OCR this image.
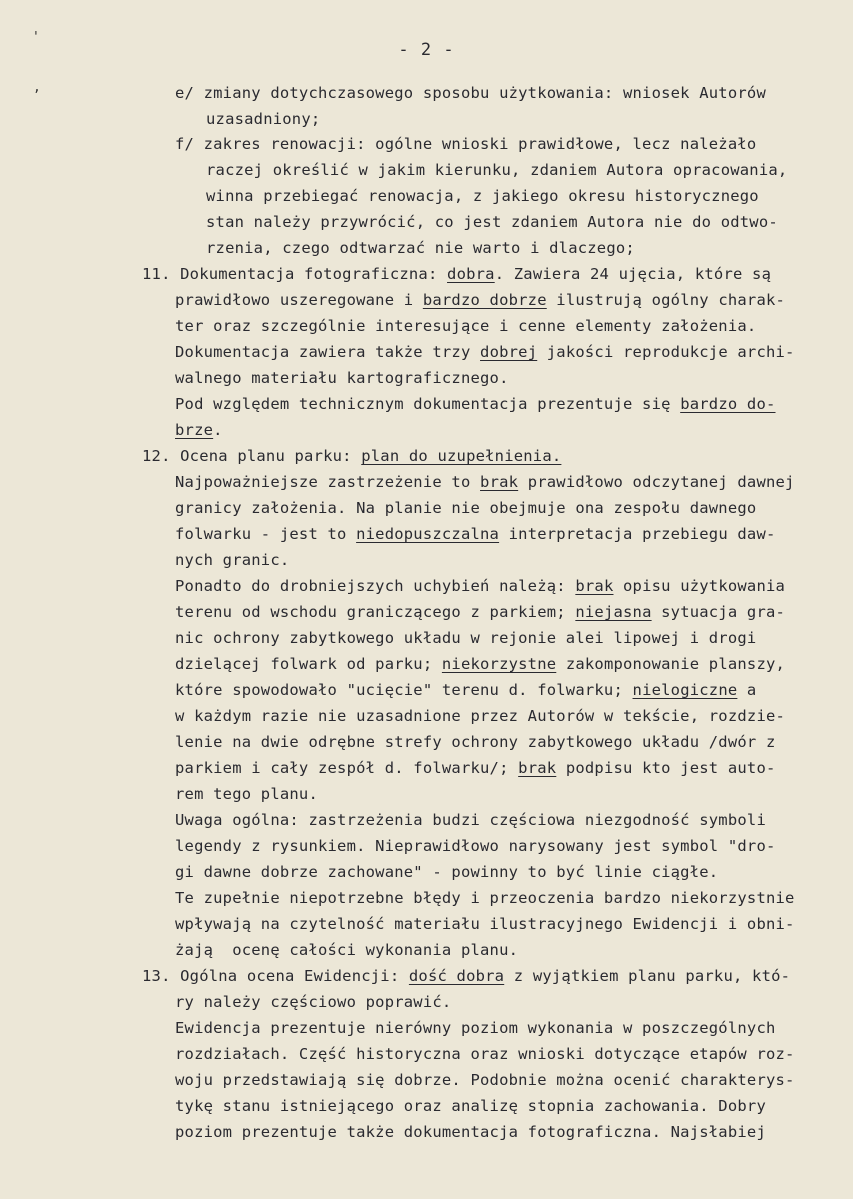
'
,
- 2 -
e/ zmiany dotychczasowego sposobu użytkowania: wniosek Autorów
uzasadniony;
f/ zakres renowacji: ogólne wnioski prawidłowe, lecz należało
raczej określić w jakim kierunku, zdaniem Autora opracowania,
winna przebiegać renowacja, z jakiego okresu historycznego
stan należy przywrócić, co jest zdaniem Autora nie do odtwo-
rzenia, czego odtwarzać nie warto i dlaczego;
11. Dokumentacja fotograficzna: dobra. Zawiera 24 ujęcia, które są
prawidłowo uszeregowane i bardzo dobrze ilustrują ogólny charak-
ter oraz szczególnie interesujące i cenne elementy założenia.
Dokumentacja zawiera także trzy dobrej jakości reprodukcje archi-
walnego materiału kartograficznego.
Pod względem technicznym dokumentacja prezentuje się bardzo do-
brze.
12. Ocena planu parku: plan do uzupełnienia.
Najpoważniejsze zastrzeżenie to brak prawidłowo odczytanej dawnej
granicy założenia. Na planie nie obejmuje ona zespołu dawnego
folwarku - jest to niedopuszczalna interpretacja przebiegu daw-
nych granic.
Ponadto do drobniejszych uchybień należą: brak opisu użytkowania
terenu od wschodu graniczącego z parkiem; niejasna sytuacja gra-
nic ochrony zabytkowego układu w rejonie alei lipowej i drogi
dzielącej folwark od parku; niekorzystne zakomponowanie planszy,
które spowodowało "ucięcie" terenu d. folwarku; nielogiczne a
w każdym razie nie uzasadnione przez Autorów w tekście, rozdzie-
lenie na dwie odrębne strefy ochrony zabytkowego układu /dwór z
parkiem i cały zespół d. folwarku/; brak podpisu kto jest auto-
rem tego planu.
Uwaga ogólna: zastrzeżenia budzi częściowa niezgodność symboli
legendy z rysunkiem. Nieprawidłowo narysowany jest symbol "dro-
gi dawne dobrze zachowane" - powinny to być linie ciągłe.
Te zupełnie niepotrzebne błędy i przeoczenia bardzo niekorzystnie
wpływają na czytelność materiału ilustracyjnego Ewidencji i obni-
żają  ocenę całości wykonania planu.
13. Ogólna ocena Ewidencji: dość dobra z wyjątkiem planu parku, któ-
ry należy częściowo poprawić.
Ewidencja prezentuje nierówny poziom wykonania w poszczególnych
rozdziałach. Część historyczna oraz wnioski dotyczące etapów roz-
woju przedstawiają się dobrze. Podobnie można ocenić charakterys-
tykę stanu istniejącego oraz analizę stopnia zachowania. Dobry
poziom prezentuje także dokumentacja fotograficzna. Najsłabiej
